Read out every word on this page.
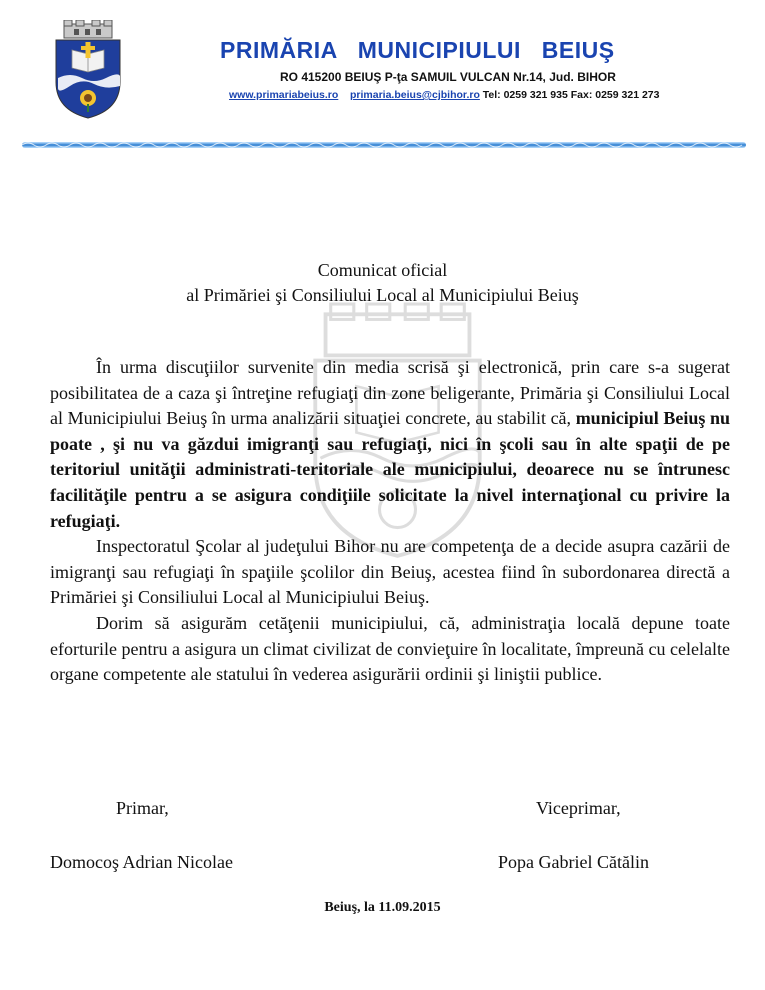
PRIMĂRIA MUNICIPIULUI BEIUŞ
RO 415200 BEIUŞ P-ţa SAMUIL VULCAN Nr.14, Jud. BIHOR
www.primariabeius.ro primaria.beius@cjbihor.ro Tel: 0259 321 935 Fax: 0259 321 273
Comunicat oficial
al Primăriei şi Consiliului Local al Municipiului Beiuş

În urma discuţiilor survenite din media scrisă şi electronică, prin care s-a sugerat posibilitatea de a caza şi întreţine refugiaţi din zone beligerante, Primăria şi Consiliului Local al Municipiului Beiuş în urma analizării situaţiei concrete, au stabilit că, municipiul Beiuş nu poate , şi nu va găzdui imigranţi sau refugiaţi, nici în şcoli sau în alte spaţii de pe teritoriul unităţii administrati-teritoriale ale municipiului, deoarece nu se întrunesc facilităţile pentru a se asigura condiţiile solicitate la nivel internaţional cu privire la refugiaţi.

Inspectoratul Şcolar al judeţului Bihor nu are competenţa de a decide asupra cazării de imigranţi sau refugiaţi în spaţiile şcolilor din Beiuş, acestea fiind în subordonarea directă a Primăriei şi Consiliului Local al Municipiului Beiuş.

Dorim să asigurăm cetăţenii municipiului, că, administraţia locală depune toate eforturile pentru a asigura un climat civilizat de convieţuire în localitate, împreună cu celelalte organe competente ale statului în vederea asigurării ordinii şi liniştii publice.

Primar,	Viceprimar,
Domocoş Adrian Nicolae	Popa Gabriel Cătălin
Beiuş, la 11.09.2015
